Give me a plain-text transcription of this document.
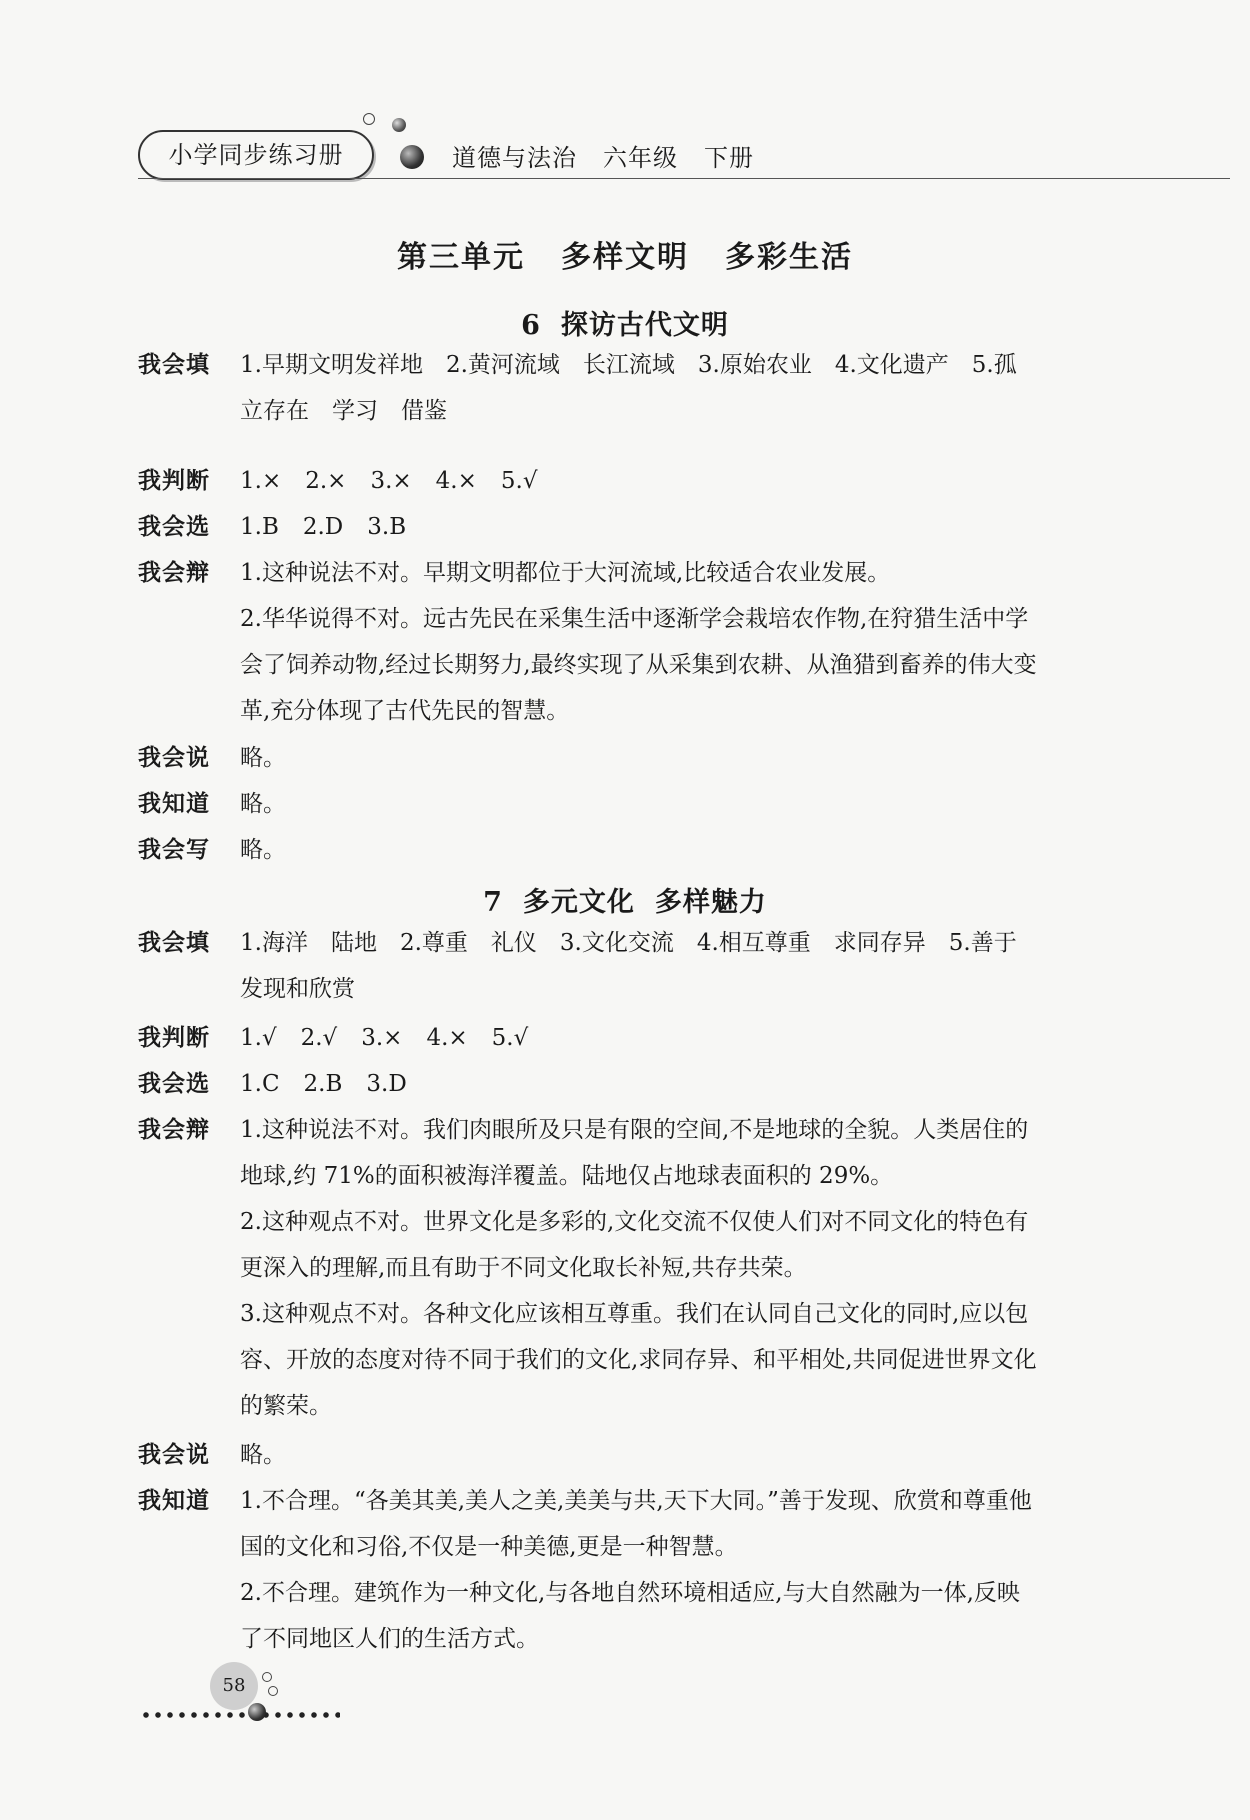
小学同步练习册	道德与法治 六年级 下册
第三单元 多样文明 多彩生活
6 探访古代文明
我会填	1.早期文明发祥地　2.黄河流域　长江流域　3.原始农业　4.文化遗产　5.孤
立存在　学习　借鉴
我判断	1.× 2.× 3.× 4.× 5.√
我会选	1.B 2.D 3.B
我会辩	1.这种说法不对。早期文明都位于大河流域,比较适合农业发展。
2.华华说得不对。远古先民在采集生活中逐渐学会栽培农作物,在狩猎生活中学
会了饲养动物,经过长期努力,最终实现了从采集到农耕、从渔猎到畜养的伟大变
革,充分体现了古代先民的智慧。
我会说	略。
我知道	略。
我会写	略。
7 多元文化 多样魅力
我会填	1.海洋　陆地　2.尊重　礼仪　3.文化交流　4.相互尊重　求同存异　5.善于
发现和欣赏
我判断	1.√ 2.√ 3.× 4.× 5.√
我会选	1.C 2.B 3.D
我会辩	1.这种说法不对。我们肉眼所及只是有限的空间,不是地球的全貌。人类居住的
地球,约 71%的面积被海洋覆盖。陆地仅占地球表面积的 29%。
2.这种观点不对。世界文化是多彩的,文化交流不仅使人们对不同文化的特色有
更深入的理解,而且有助于不同文化取长补短,共存共荣。
3.这种观点不对。各种文化应该相互尊重。我们在认同自己文化的同时,应以包
容、开放的态度对待不同于我们的文化,求同存异、和平相处,共同促进世界文化
的繁荣。
我会说	略。
我知道	1.不合理。“各美其美,美人之美,美美与共,天下大同。”善于发现、欣赏和尊重他
国的文化和习俗,不仅是一种美德,更是一种智慧。
2.不合理。建筑作为一种文化,与各地自然环境相适应,与大自然融为一体,反映
了不同地区人们的生活方式。
58
